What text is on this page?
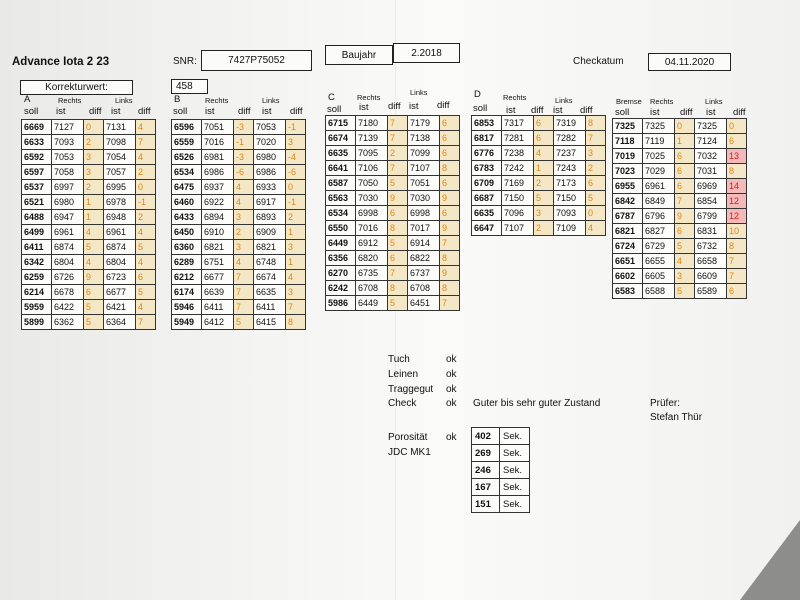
Advance Iota 2 23	SNR:	7427P75052	Baujahr	2.2018
Checkatum	04.11.2020
Korrekturwert:	458
A	Rechts	Links
soll ist diff ist diff
6669	7127	0	7131	4
6633	7093	2	7098	7
6592	7053	3	7054	4
6597	7058	3	7057	2
6537	6997	2	6995	0
6521	6980	1	6978	-1
6488	6947	1	6948	2
6499	6961	4	6961	4
6411	6874	5	6874	5
6342	6804	4	6804	4
6259	6726	9	6723	6
6214	6678	6	6677	5
5959	6422	5	6421	4
5899	6362	5	6364	7
B	Rechts	Links
soll ist diff ist diff
6596	7051	-3	7053	-1
6559	7016	-1	7020	3
6526	6981	-3	6980	-4
6534	6986	-6	6986	-6
6475	6937	4	6933	0
6460	6922	4	6917	-1
6433	6894	3	6893	2
6450	6910	2	6909	1
6360	6821	3	6821	3
6289	6751	4	6748	1
6212	6677	7	6674	4
6174	6639	7	6635	3
5946	6411	7	6411	7
5949	6412	5	6415	8
C	Rechts
Links
soll ist diff ist diff
6715	7180	7	7179	6
6674	7139	7	7138	6
6635	7095	2	7099	6
6641	7106	7	7107	8
6587	7050	5	7051	6
6563	7030	9	7030	9
6534	6998	6	6998	6
6550	7016	8	7017	9
6449	6912	5	6914	7
6356	6820	6	6822	8
6270	6735	7	6737	9
6242	6708	8	6708	8
5986	6449	5	6451	7
D	Rechts	Links
soll ist diff ist diff
6853	7317	6	7319	8
6817	7281	6	7282	7
6776	7238	4	7237	3
6783	7242	1	7243	2
6709	7169	2	7173	6
6687	7150	5	7150	5
6635	7096	3	7093	0
6647	7107	2	7109	4
Bremse Rechts	Links
soll ist diff ist diff
7325	7325	0	7325	0
7118	7119	1	7124	6
7019	7025	6	7032	13
7023	7029	6	7031	8
6955	6961	6	6969	14
6842	6849	7	6854	12
6787	6796	9	6799	12
6821	6827	6	6831	10
6724	6729	5	6732	8
6651	6655	4	6658	7
6602	6605	3	6609	7
6583	6588	5	6589	6
Tuch	ok
Leinen	ok
Traggegut ok
Check	ok Guter bis sehr guter Zustand	Prüfer:
Stefan Thür
Porosität ok
JDC MK1
402	Sek.
269	Sek.
246	Sek.
167	Sek.
151	Sek.
